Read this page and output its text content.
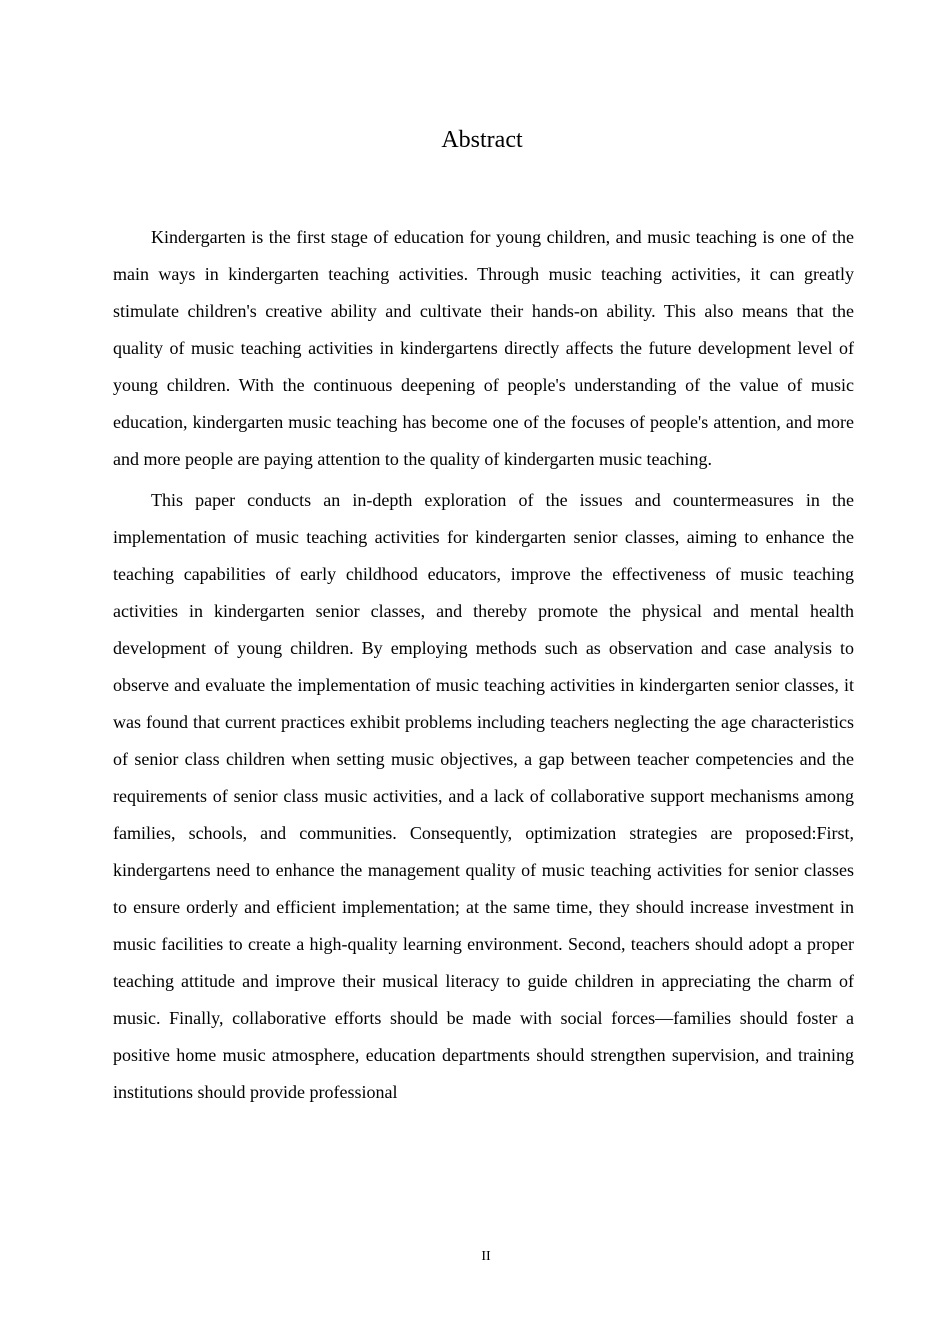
Abstract

Kindergarten is the first stage of education for young children, and music teaching is one of the main ways in kindergarten teaching activities. Through music teaching activities, it can greatly stimulate children's creative ability and cultivate their hands-on ability. This also means that the quality of music teaching activities in kindergartens directly affects the future development level of young children. With the continuous deepening of people's understanding of the value of music education, kindergarten music teaching has become one of the focuses of people's attention, and more and more people are paying attention to the quality of kindergarten music teaching.

This paper conducts an in-depth exploration of the issues and countermeasures in the implementation of music teaching activities for kindergarten senior classes, aiming to enhance the teaching capabilities of early childhood educators, improve the effectiveness of music teaching activities in kindergarten senior classes, and thereby promote the physical and mental health development of young children. By employing methods such as observation and case analysis to observe and evaluate the implementation of music teaching activities in kindergarten senior classes, it was found that current practices exhibit problems including teachers neglecting the age characteristics of senior class children when setting music objectives, a gap between teacher competencies and the requirements of senior class music activities, and a lack of collaborative support mechanisms among families, schools, and communities. Consequently, optimization strategies are proposed:First, kindergartens need to enhance the management quality of music teaching activities for senior classes to ensure orderly and efficient implementation; at the same time, they should increase investment in music facilities to create a high-quality learning environment. Second, teachers should adopt a proper teaching attitude and improve their musical literacy to guide children in appreciating the charm of music. Finally, collaborative efforts should be made with social forces—families should foster a positive home music atmosphere, education departments should strengthen supervision, and training institutions should provide professional

II
